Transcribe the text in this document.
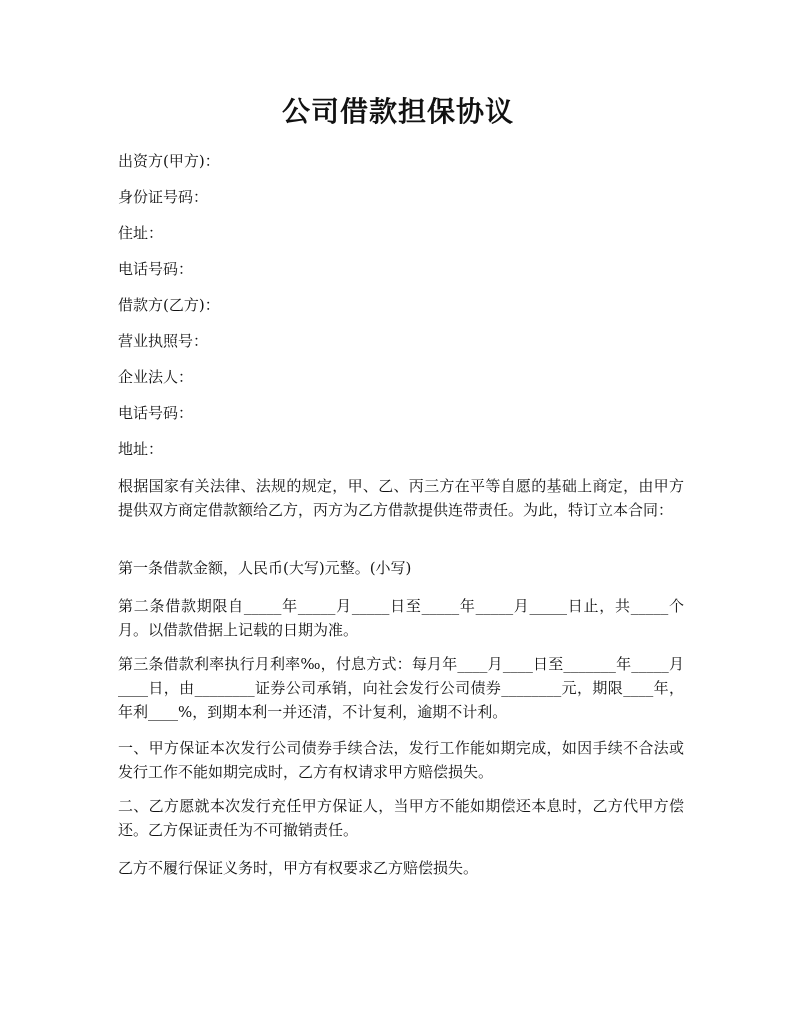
公司借款担保协议
出资方(甲方)：
身份证号码：
住址：
电话号码：
借款方(乙方)：
营业执照号：
企业法人：
电话号码：
地址：

根据国家有关法律、法规的规定，甲、乙、丙三方在平等自愿的基础上商定，由甲方提供双方商定借款额给乙方，丙方为乙方借款提供连带责任。为此，特订立本合同：

第一条借款金额，人民币(大写)元整。(小写)

第二条借款期限自_____年_____月_____日至_____年_____月_____日止，共_____个月。以借款借据上记载的日期为准。

第三条借款利率执行月利率‰，付息方式：每月年____月____日至_______年_____月____日，由________证券公司承销，向社会发行公司债券________元，期限____年，年利____%，到期本利一并还清，不计复利，逾期不计利。

一、甲方保证本次发行公司债券手续合法，发行工作能如期完成，如因手续不合法或发行工作不能如期完成时，乙方有权请求甲方赔偿损失。

二、乙方愿就本次发行充任甲方保证人，当甲方不能如期偿还本息时，乙方代甲方偿还。乙方保证责任为不可撤销责任。

乙方不履行保证义务时，甲方有权要求乙方赔偿损失。
